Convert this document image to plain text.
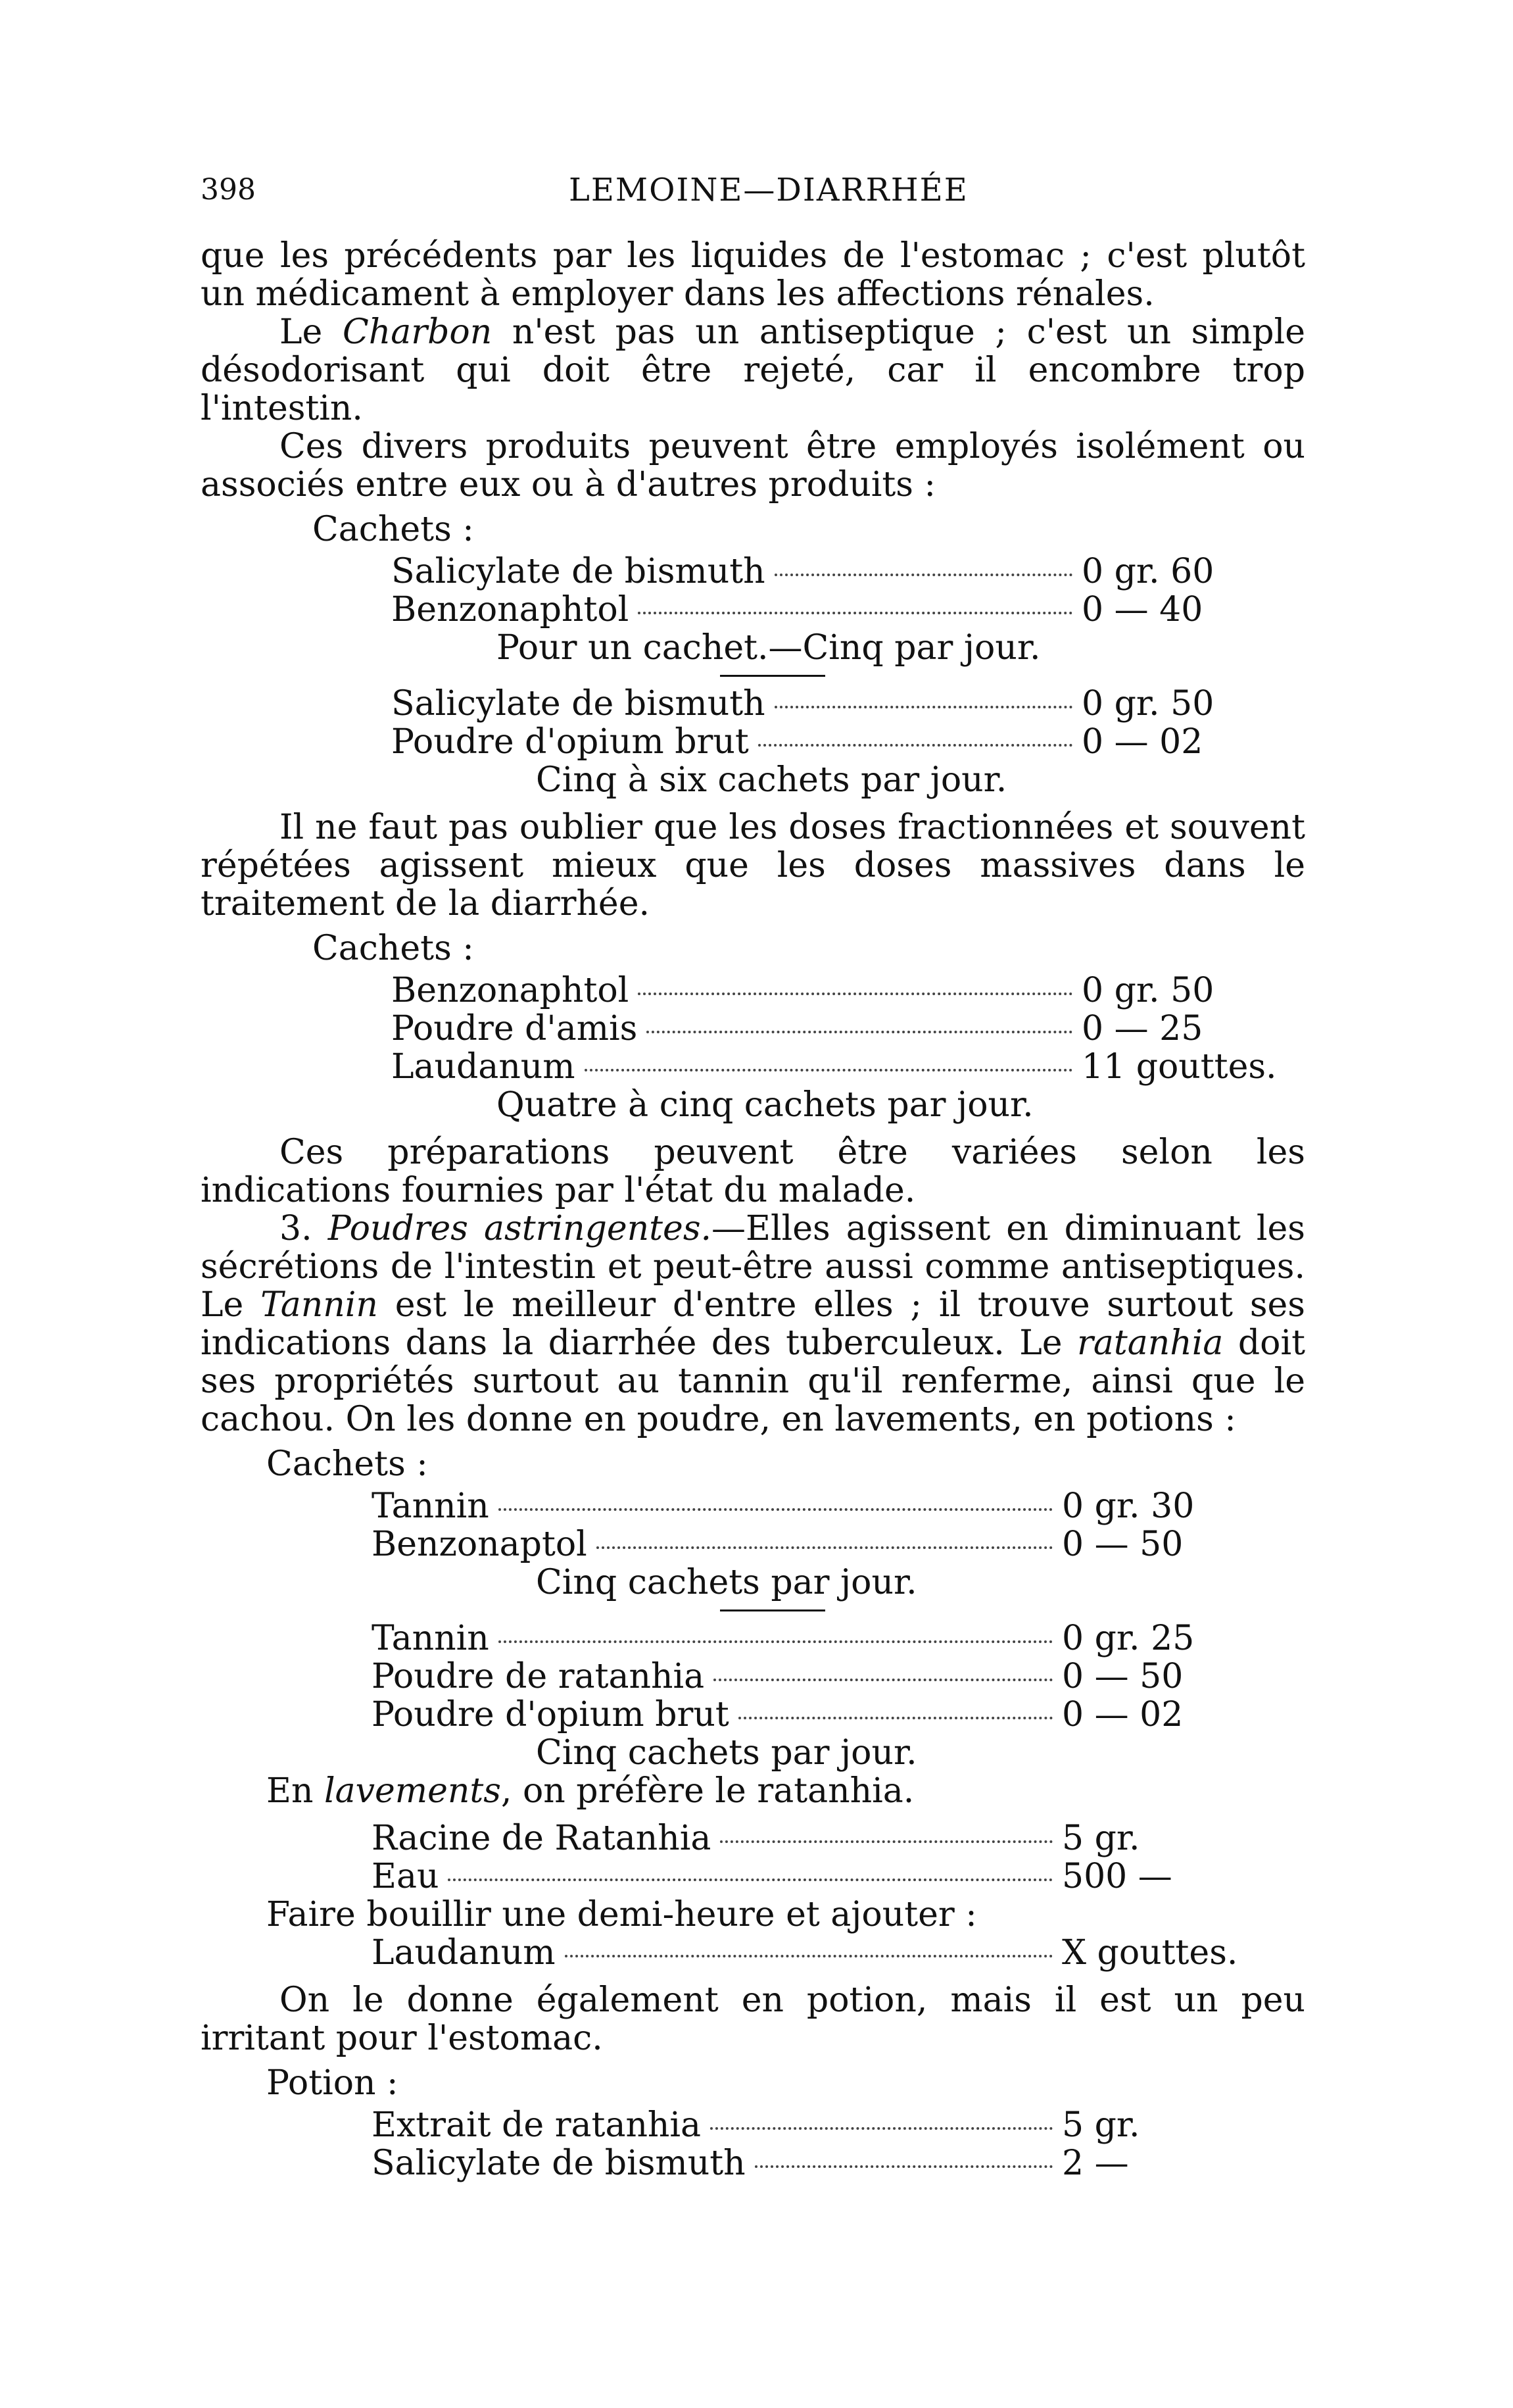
398	LEMOINE—DIARRHÉE

que les précédents par les liquides de l'estomac ; c'est plutôt un médicament à employer dans les affections rénales.

Le Charbon n'est pas un antiseptique ; c'est un simple désodorisant qui doit être rejeté, car il encombre trop l'intestin.

Ces divers produits peuvent être employés isolément ou associés entre eux ou à d'autres produits :

Cachets :
Salicylate de bismuth	0 gr. 60
Benzonaphtol	0 — 40

Pour un cachet.—Cinq par jour.

Salicylate de bismuth	0 gr. 50
Poudre d'opium brut	0 — 02

Cinq à six cachets par jour.

Il ne faut pas oublier que les doses fractionnées et souvent répétées agissent mieux que les doses massives dans le traitement de la diarrhée.

Cachets :
Benzonaphtol	0 gr. 50
Poudre d'amis	0 — 25
Laudanum	11 gouttes.

Quatre à cinq cachets par jour.

Ces préparations peuvent être variées selon les indications fournies par l'état du malade.

3. Poudres astringentes.—Elles agissent en diminuant les sécrétions de l'intestin et peut-être aussi comme antiseptiques. Le Tannin est le meilleur d'entre elles ; il trouve surtout ses indications dans la diarrhée des tuberculeux. Le ratanhia doit ses propriétés surtout au tannin qu'il renferme, ainsi que le cachou. On les donne en poudre, en lavements, en potions :

Cachets :
Tannin	0 gr. 30
Benzonaptol	0 — 50

Cinq cachets par jour.

Tannin	0 gr. 25
Poudre de ratanhia	0 — 50
Poudre d'opium brut	0 — 02

Cinq cachets par jour.

En lavements, on préfère le ratanhia.

Racine de Ratanhia	5 gr.
Eau	500 —

Faire bouillir une demi-heure et ajouter :

Laudanum	X gouttes.

On le donne également en potion, mais il est un peu irritant pour l'estomac.

Potion :
Extrait de ratanhia	5 gr.
Salicylate de bismuth	2 —
